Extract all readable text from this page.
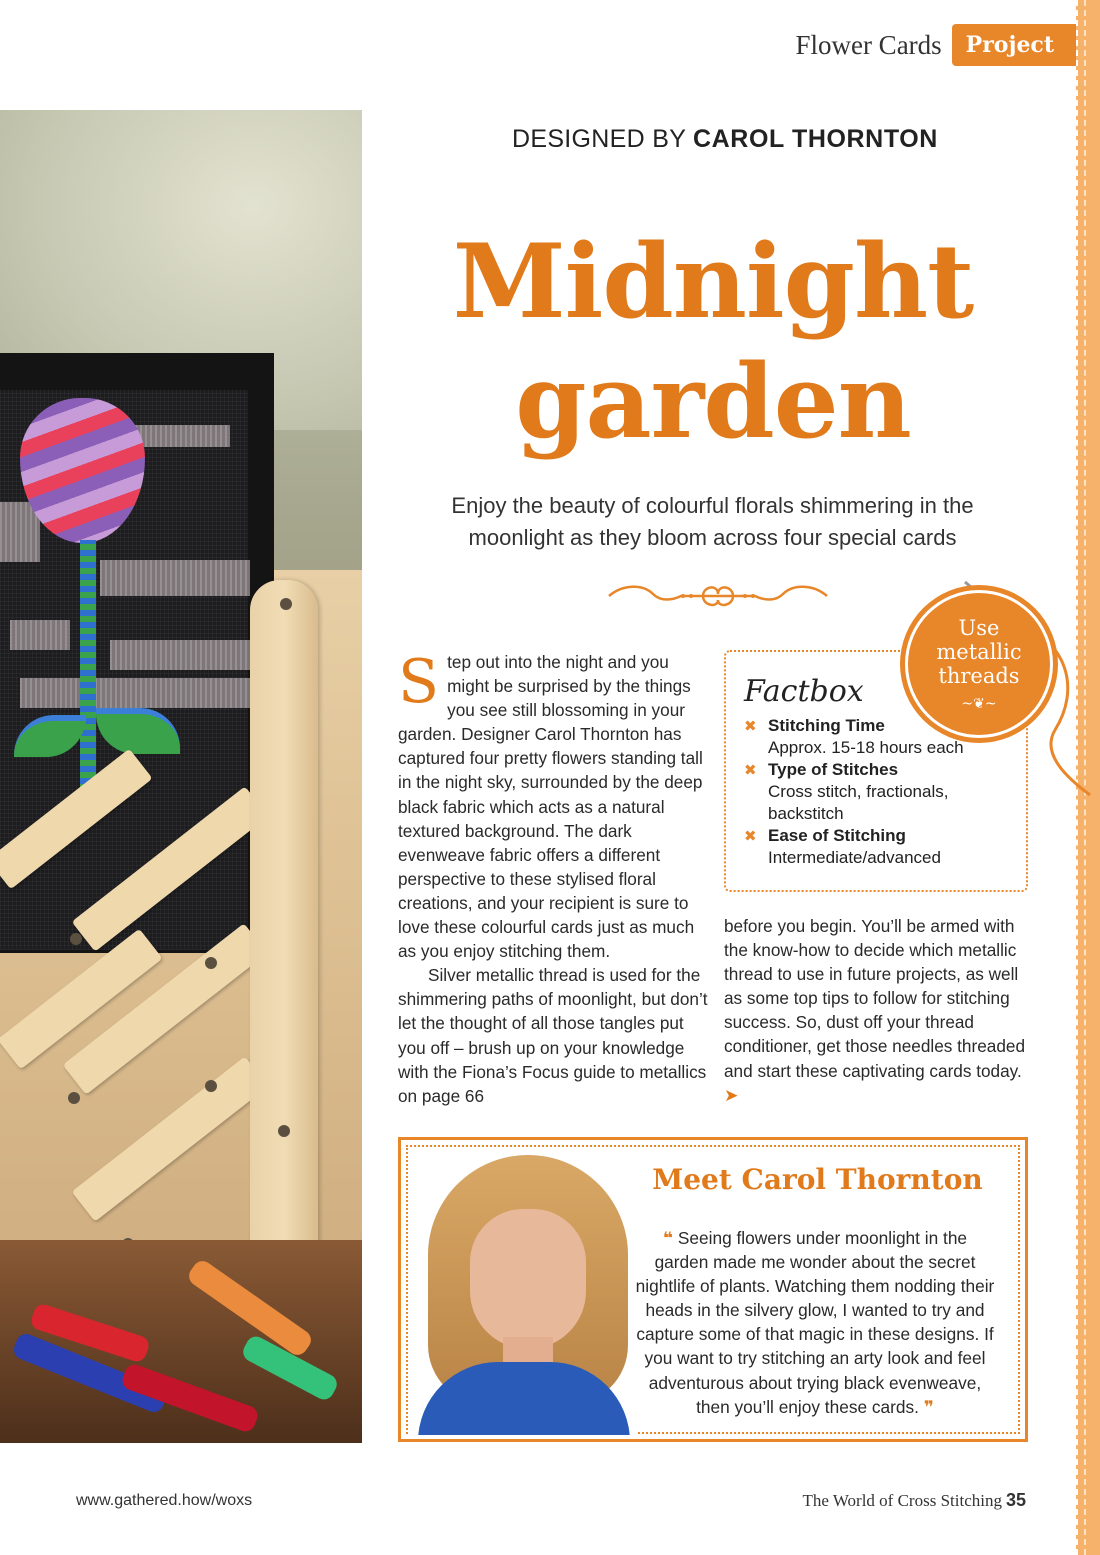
Flower Cards	Project
DESIGNED BY CAROL THORNTON
Midnight
garden
Enjoy the beauty of colourful florals shimmering in the
moonlight as they bloom across four special cards

Step out into the night and you might be surprised by the things you see still blossoming in your garden. Designer Carol Thornton has captured four pretty flowers standing tall in the night sky, surrounded by the deep black fabric which acts as a natural textured background. The dark evenweave fabric offers a different perspective to these stylised floral creations, and your recipient is sure to love these colourful cards just as much as you enjoy stitching them.

Silver metallic thread is used for the shimmering paths of moonlight, but don’t let the thought of all those tangles put you off – brush up on your knowledge with the Fiona’s Focus guide to metallics on page 66

Factbox
✖ Stitching Time
Approx. 15-18 hours each
✖ Type of Stitches
Cross stitch, fractionals, backstitch
✖ Ease of Stitching
Intermediate/advanced
Use
metallic
threads
~❦~

before you begin. You’ll be armed with the know-how to decide which metallic thread to use in future projects, as well as some top tips to follow for stitching success. So, dust off your thread conditioner, get those needles threaded and start these captivating cards today. ➤

Meet Carol Thornton
❝ Seeing flowers under moonlight in the garden made me wonder about the secret nightlife of plants. Watching them nodding their heads in the silvery glow, I wanted to try and capture some of that magic in these designs. If you want to try stitching an arty look and feel adventurous about trying black evenweave, then you’ll enjoy these cards. ❞
www.gathered.how/woxs	The World of Cross Stitching 35
